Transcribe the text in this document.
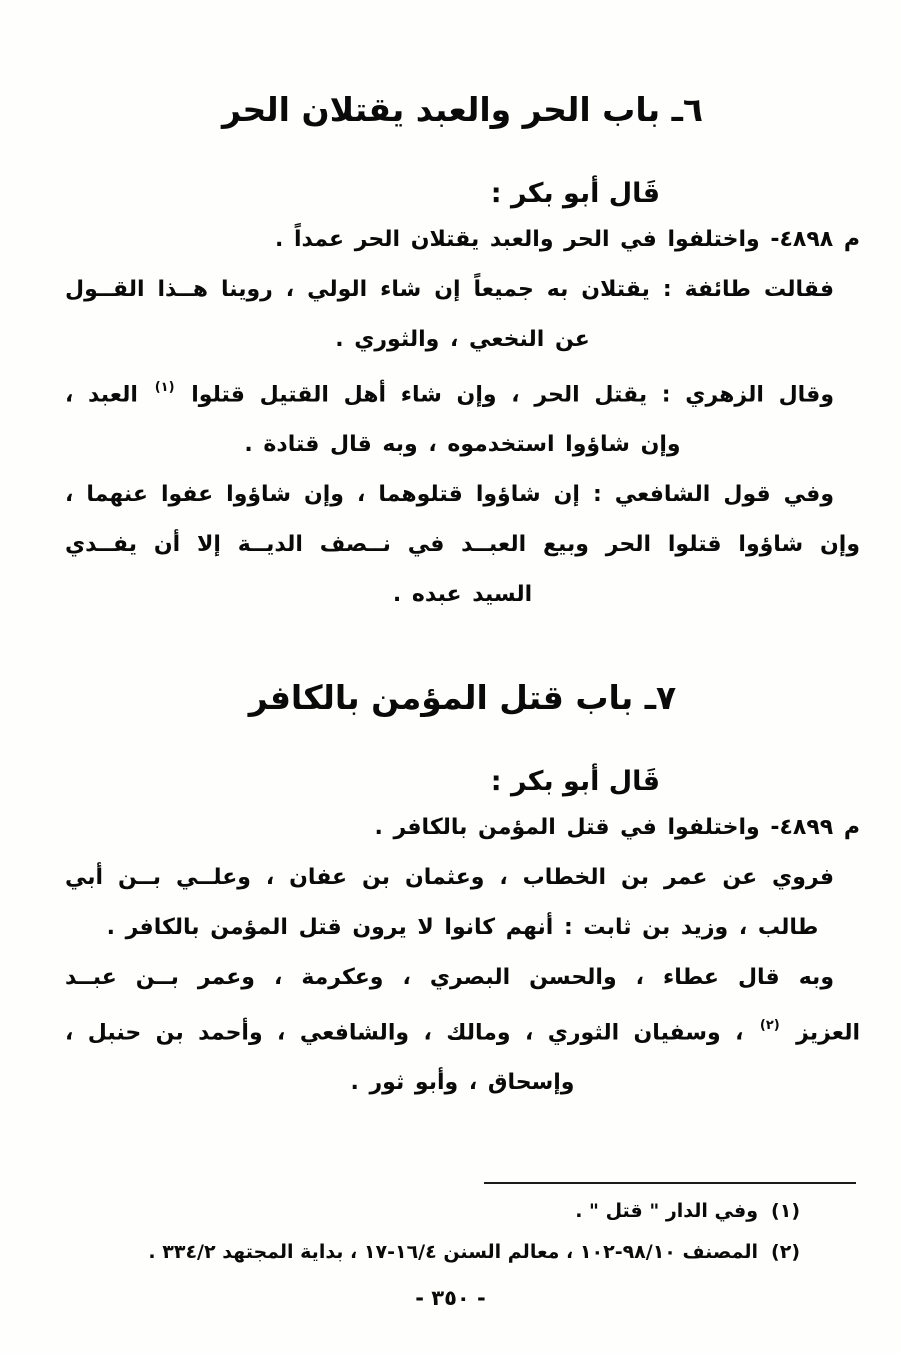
٦ـ باب الحر والعبد يقتلان الحر
قَال أبو بكر :
م ٤٨٩٨- واختلفوا في الحر والعبد يقتلان الحر عمداً .
فقالت طائفة : يقتلان به جميعاً إن شاء الولي ، روينا هــذا القــول
عن النخعي ، والثوري .
وقال الزهري : يقتل الحر ، وإن شاء أهل القتيل قتلوا $^{(١)}$ العبد ،
وإن شاؤوا استخدموه ، وبه قال قتادة .
وفي قول الشافعي : إن شاؤوا قتلوهما ، وإن شاؤوا عفوا عنهما ،
وإن شاؤوا قتلوا الحر وبيع العبــد في نــصف الديــة إلا أن يفــدي
السيد عبده .
٧ـ باب قتل المؤمن بالكافر
قَال أبو بكر :
م ٤٨٩٩- واختلفوا في قتل المؤمن بالكافر .
فروي عن عمر بن الخطاب ، وعثمان بن عفان ، وعلــي بــن أبي
طالب ، وزيد بن ثابت : أنهم كانوا لا يرون قتل المؤمن بالكافر .
وبه قال عطاء ، والحسن البصري ، وعكرمة ، وعمر بــن عبــد
العزيز $^{(٢)}$ ، وسفيان الثوري ، ومالك ، والشافعي ، وأحمد بن حنبل ،
وإسحاق ، وأبو ثور .
(١)
وفي الدار " قتل " .
(٢)
المصنف ٩٨/١٠-١٠٢ ، معالم السنن ١٦/٤-١٧ ، بداية المجتهد ٣٣٤/٢ .
- ٣٥٠ -
